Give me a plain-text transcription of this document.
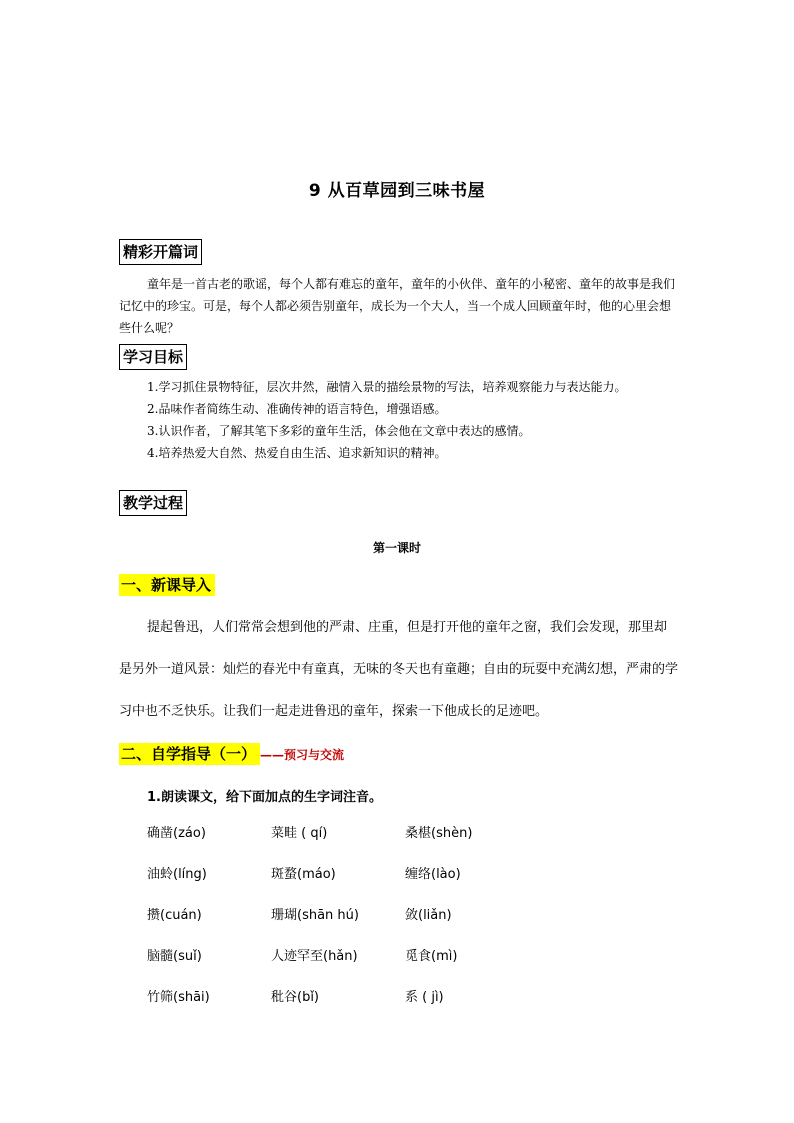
9 从百草园到三味书屋
精彩开篇词

童年是一首古老的歌谣，每个人都有难忘的童年，童年的小伙伴、童年的小秘密、童年的故事是我们记忆中的珍宝。可是，每个人都必须告别童年，成长为一个大人，当一个成人回顾童年时，他的心里会想些什么呢？

学习目标

1.学习抓住景物特征，层次井然，融情入景的描绘景物的写法，培养观察能力与表达能力。

2.品味作者简练生动、准确传神的语言特色，增强语感。

3.认识作者，了解其笔下多彩的童年生活，体会他在文章中表达的感情。

4.培养热爱大自然、热爱自由生活、追求新知识的精神。

教学过程
第一课时
一、新课导入

提起鲁迅，人们常常会想到他的严肃、庄重，但是打开他的童年之窗，我们会发现，那里却是另外一道风景：灿烂的春光中有童真，无味的冬天也有童趣；自由的玩耍中充满幻想，严肃的学习中也不乏快乐。让我们一起走进鲁迅的童年，探索一下他成长的足迹吧。

二、自学指导（一） ——预习与交流
1.朗读课文，给下面加点的生字词注音。
确凿(záo)	菜畦 ( qí)	桑椹(shèn)
油蛉(líng)	斑蝥(máo)	缠络(lào)
攒(cuán)	珊瑚(shān hú)	敛(liǎn)
脑髓(suǐ)	人迹罕至(hǎn)	觅食(mì)
竹筛(shāi)	秕谷(bǐ)	系 ( jì)
